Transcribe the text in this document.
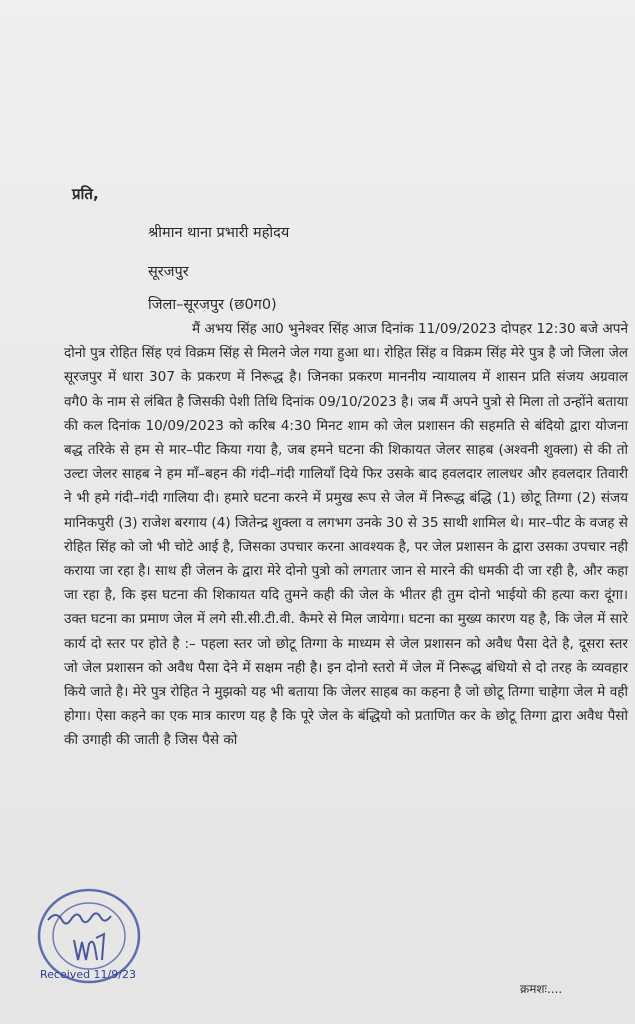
प्रति,
श्रीमान थाना प्रभारी महोदय
सूरजपुर
जिला–सूरजपुर (छ0ग0)

मैं अभय सिंह आ0 भुनेश्वर सिंह आज दिनांक 11/09/2023 दोपहर 12:30 बजे अपने दोनो पुत्र रोहित सिंह एवं विक्रम सिंह से मिलने जेल गया हुआ था। रोहित सिंह व विक्रम सिंह मेरे पुत्र है जो जिला जेल सूरजपुर में धारा 307 के प्रकरण में निरूद्ध है। जिनका प्रकरण माननीय न्यायालय में शासन प्रति संजय अग्रवाल वगै0 के नाम से लंबित है जिसकी पेशी तिथि दिनांक 09/10/2023 है। जब मैं अपने पुत्रो से मिला तो उन्होंने बताया की कल दिनांक 10/09/2023 को करिब 4:30 मिनट शाम को जेल प्रशासन की सहमति से बंदियो द्वारा योजना बद्ध तरिके से हम से मार–पीट किया गया है, जब हमने घटना की शिकायत जेलर साहब (अश्वनी शुक्ला) से की तो उल्टा जेलर साहब ने हम माँ–बहन की गंदी–गंदी गालियाँ दिये फिर उसके बाद हवलदार लालधर और हवलदार तिवारी ने भी हमे गंदी–गंदी गालिया दी। हमारे घटना करने में प्रमुख रूप से जेल में निरूद्ध बंद्धि (1) छोटू तिग्गा (2) संजय मानिकपुरी (3) राजेश बरगाय (4) जितेन्द्र शुक्ला व लगभग उनके 30 से 35 साथी शामिल थे। मार–पीट के वजह से रोहित सिंह को जो भी चोटे आई है, जिसका उपचार करना आवश्यक है, पर जेल प्रशासन के द्वारा उसका उपचार नही कराया जा रहा है। साथ ही जेलन के द्वारा मेरे दोनो पुत्रो को लगतार जान से मारने की धमकी दी जा रही है, और कहा जा रहा है, कि इस घटना की शिकायत यदि तुमने कही की जेल के भीतर ही तुम दोनो भाईयो की हत्या करा दूंगा। उक्त घटना का प्रमाण जेल में लगे सी.सी.टी.वी. कैमरे से मिल जायेगा। घटना का मुख्य कारण यह है, कि जेल में सारे कार्य दो स्तर पर होते है :– पहला स्तर जो छोटू तिग्गा के माध्यम से जेल प्रशासन को अवैध पैसा देते है, दूसरा स्तर जो जेल प्रशासन को अवैध पैसा देने में सक्षम नही है। इन दोनो स्तरो में जेल में निरूद्ध बंधियो से दो तरह के व्यवहार किये जाते है। मेरे पुत्र रोहित ने मुझको यह भी बताया कि जेलर साहब का कहना है जो छोटू तिग्गा चाहेगा जेल मे वही होगा। ऐसा कहने का एक मात्र कारण यह है कि पूरे जेल के बंद्धियो को प्रताणित कर के छोटू तिग्गा द्वारा अवैध पैसो की उगाही की जाती है जिस पैसे को

Received 11/9/23
क्रमशः....
